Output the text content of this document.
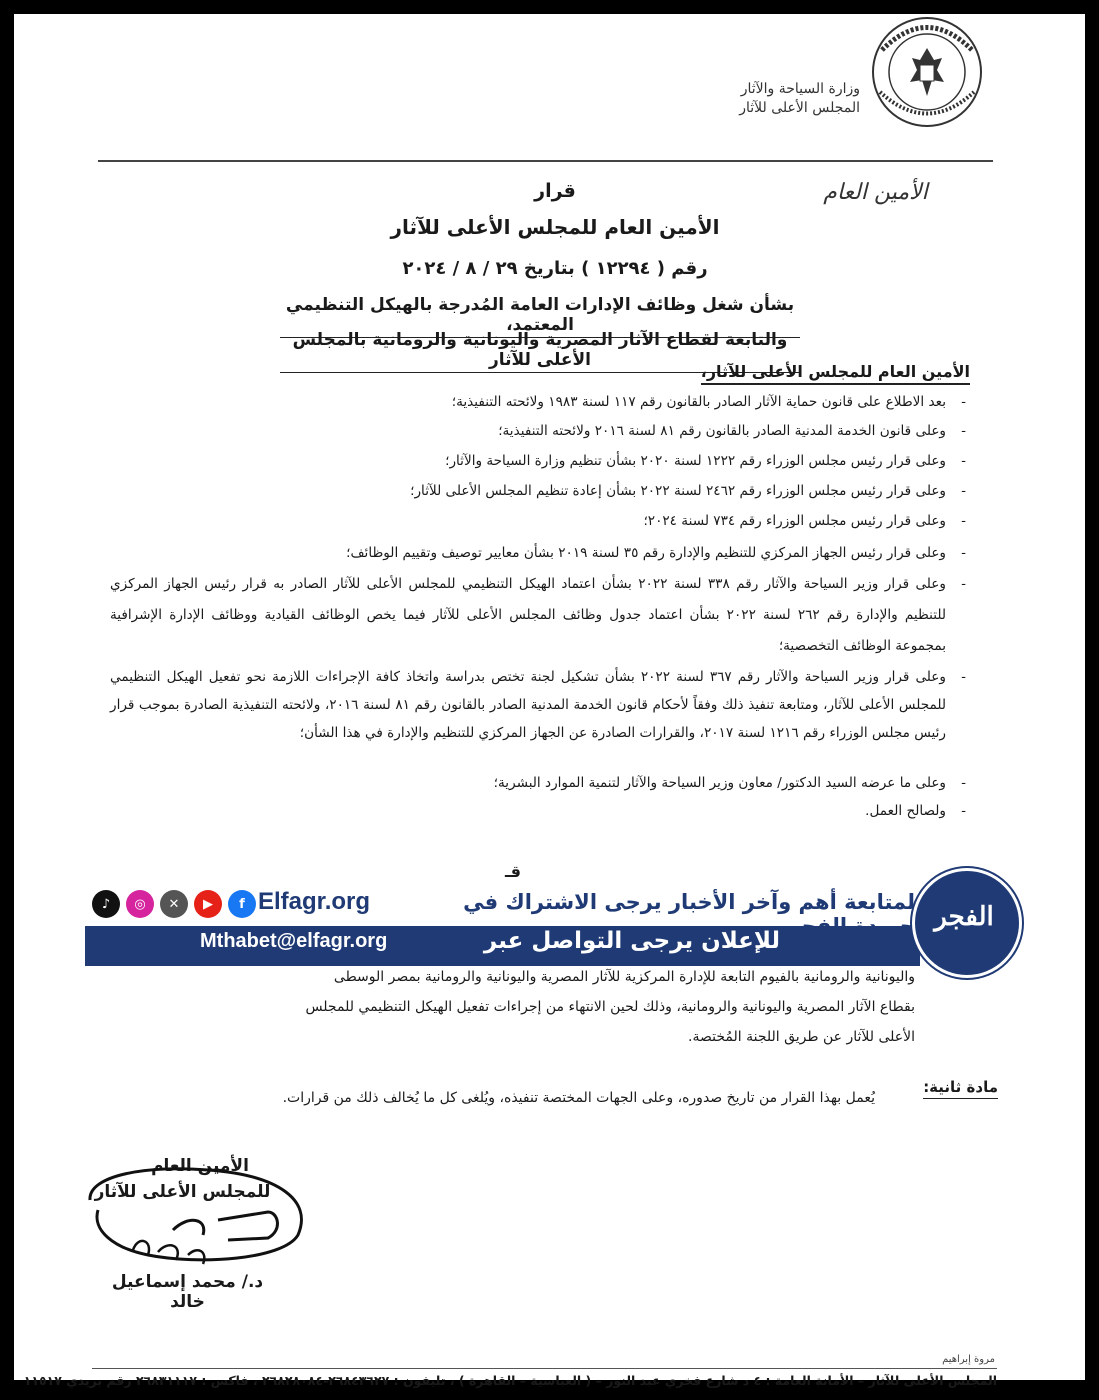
وزارة السياحة والآثار
المجلس الأعلى للآثار
الأمين العام
قرار
الأمين العام للمجلس الأعلى للآثار
رقم ( ١٢٢٩٤ ) بتاريخ ٢٩ / ٨ / ٢٠٢٤
بشأن شغل وظائف الإدارات العامة المُدرجة بالهيكل التنظيمي المعتمد،
والتابعة لقطاع الآثار المصرية واليونانية والرومانية بالمجلس الأعلى للآثار
الأمين العام للمجلس الأعلى للآثار،
- بعد الاطلاع على قانون حماية الآثار الصادر بالقانون رقم ١١٧ لسنة ١٩٨٣ ولائحته التنفيذية؛
- وعلى قانون الخدمة المدنية الصادر بالقانون رقم ٨١ لسنة ٢٠١٦ ولائحته التنفيذية؛
- وعلى قرار رئيس مجلس الوزراء رقم ١٢٢٢ لسنة ٢٠٢٠ بشأن تنظيم وزارة السياحة والآثار؛
- وعلى قرار رئيس مجلس الوزراء رقم ٢٤٦٢ لسنة ٢٠٢٢ بشأن إعادة تنظيم المجلس الأعلى للآثار؛
- وعلى قرار رئيس مجلس الوزراء رقم ٧٣٤ لسنة ٢٠٢٤؛
- وعلى قرار رئيس الجهاز المركزي للتنظيم والإدارة رقم ٣٥ لسنة ٢٠١٩ بشأن معايير توصيف وتقييم الوظائف؛
- وعلى قرار وزير السياحة والآثار رقم ٣٣٨ لسنة ٢٠٢٢ بشأن اعتماد الهيكل التنظيمي للمجلس الأعلى للآثار الصادر به قرار رئيس الجهاز المركزي للتنظيم والإدارة رقم ٢٦٢ لسنة ٢٠٢٢ بشأن اعتماد جدول وظائف المجلس الأعلى للآثار فيما يخص الوظائف القيادية ووظائف الإدارة الإشرافية بمجموعة الوظائف التخصصية؛
- وعلى قرار وزير السياحة والآثار رقم ٣٦٧ لسنة ٢٠٢٢ بشأن تشكيل لجنة تختص بدراسة واتخاذ كافة الإجراءات اللازمة نحو تفعيل الهيكل التنظيمي للمجلس الأعلى للآثار، ومتابعة تنفيذ ذلك وفقاً لأحكام قانون الخدمة المدنية الصادر بالقانون رقم ٨١ لسنة ٢٠١٦، ولائحته التنفيذية الصادرة بموجب قرار رئيس مجلس الوزراء رقم ١٢١٦ لسنة ٢٠١٧، والقرارات الصادرة عن الجهاز المركزي للتنظيم والإدارة في هذا الشأن؛
- وعلى ما عرضه السيد الدكتور/ معاون وزير السياحة والآثار لتنمية الموارد البشرية؛
- ولصالح العمل.
قـ
♪	◎	✕	▶	f Elfagr.org	لمتابعة أهم وآخر الأخبار يرجى الاشتراك في
Mthabet@elfagr.org	للإعلان يرجى التواصل عبر
الفجر

واليونانية والرومانية بالفيوم التابعة للإدارة المركزية للآثار المصرية واليونانية والرومانية بمصر الوسطى

بقطاع الآثار المصرية واليونانية والرومانية، وذلك لحين الانتهاء من إجراءات تفعيل الهيكل التنظيمي للمجلس

الأعلى للآثار عن طريق اللجنة المُختصة.

مادة ثانية:
يُعمل بهذا القرار من تاريخ صدوره، وعلى الجهات المختصة تنفيذه، ويُلغى كل ما يُخالف ذلك من قرارات.
الأمين العام
للمجلس الأعلى للآثار
د./ محمد إسماعيل خالد
مروة إبراهيم
المجلس الأعلى للآثار – الأمانة العامة : ٤ د شارع فخري عبد النور – ( العباسية – القاهرة ) ، تليفون : ٢٦٨٤٣٦٢٧-٢٦٨٢٨٠٨٤ ، فاكس : ٢٦٨٣١١١٧ رقم بريدي ١١٥١٧
